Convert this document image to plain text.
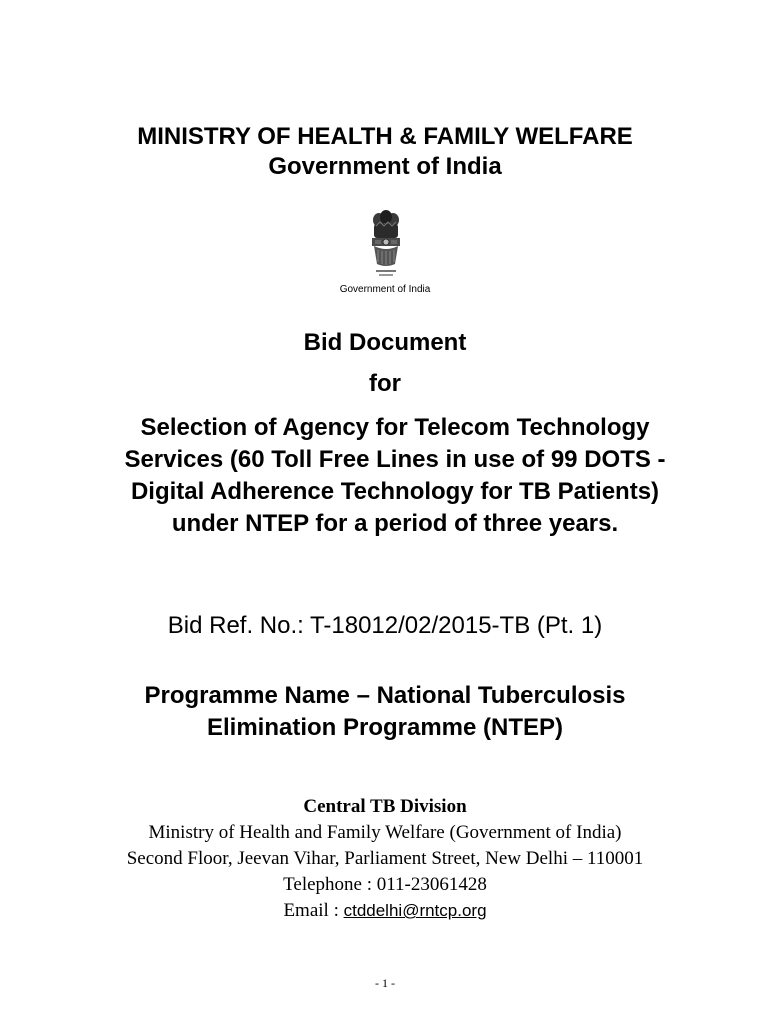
MINISTRY OF HEALTH & FAMILY WELFARE
Government of India
Government of India
Bid Document
for
Selection of Agency for Telecom Technology Services (60 Toll Free Lines in use of 99 DOTS - Digital Adherence Technology for TB Patients) under NTEP for a period of three years.
Bid Ref. No.: T-18012/02/2015-TB (Pt. 1)
Programme Name – National Tuberculosis
Elimination Programme (NTEP)
Central TB Division
Ministry of Health and Family Welfare (Government of India)
Second Floor, Jeevan Vihar, Parliament Street, New Delhi – 110001
Telephone : 011-23061428
Email : ctddelhi@rntcp.org
- 1 -
